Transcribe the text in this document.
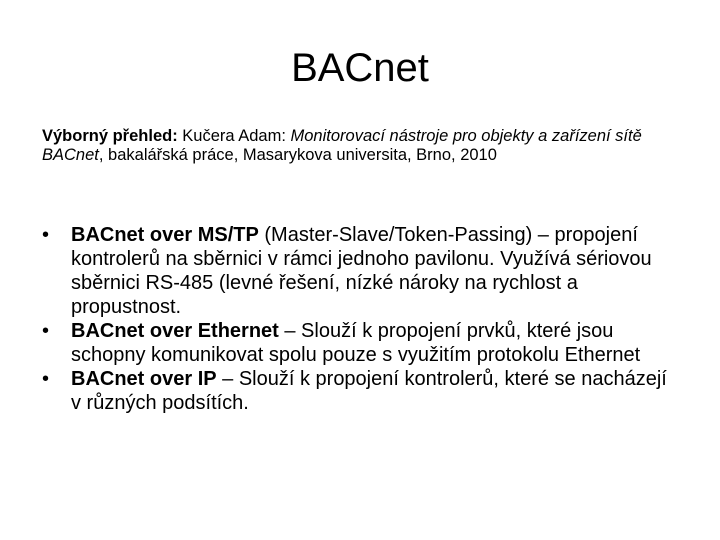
BACnet

Výborný přehled: Kučera Adam: Monitorovací nástroje pro objekty a zařízení sítě BACnet, bakalářská práce, Masarykova universita, Brno, 2010

• BACnet over MS/TP (Master-Slave/Token-Passing) – propojení kontrolerů na sběrnici v rámci jednoho pavilonu. Využívá sériovou sběrnici RS-485 (levné řešení, nízké nároky na rychlost a propustnost.
• BACnet over Ethernet – Slouží k propojení prvků, které jsou schopny komunikovat spolu pouze s využitím protokolu Ethernet
• BACnet over IP – Slouží k propojení kontrolerů, které se nacházejí v různých podsítích.
